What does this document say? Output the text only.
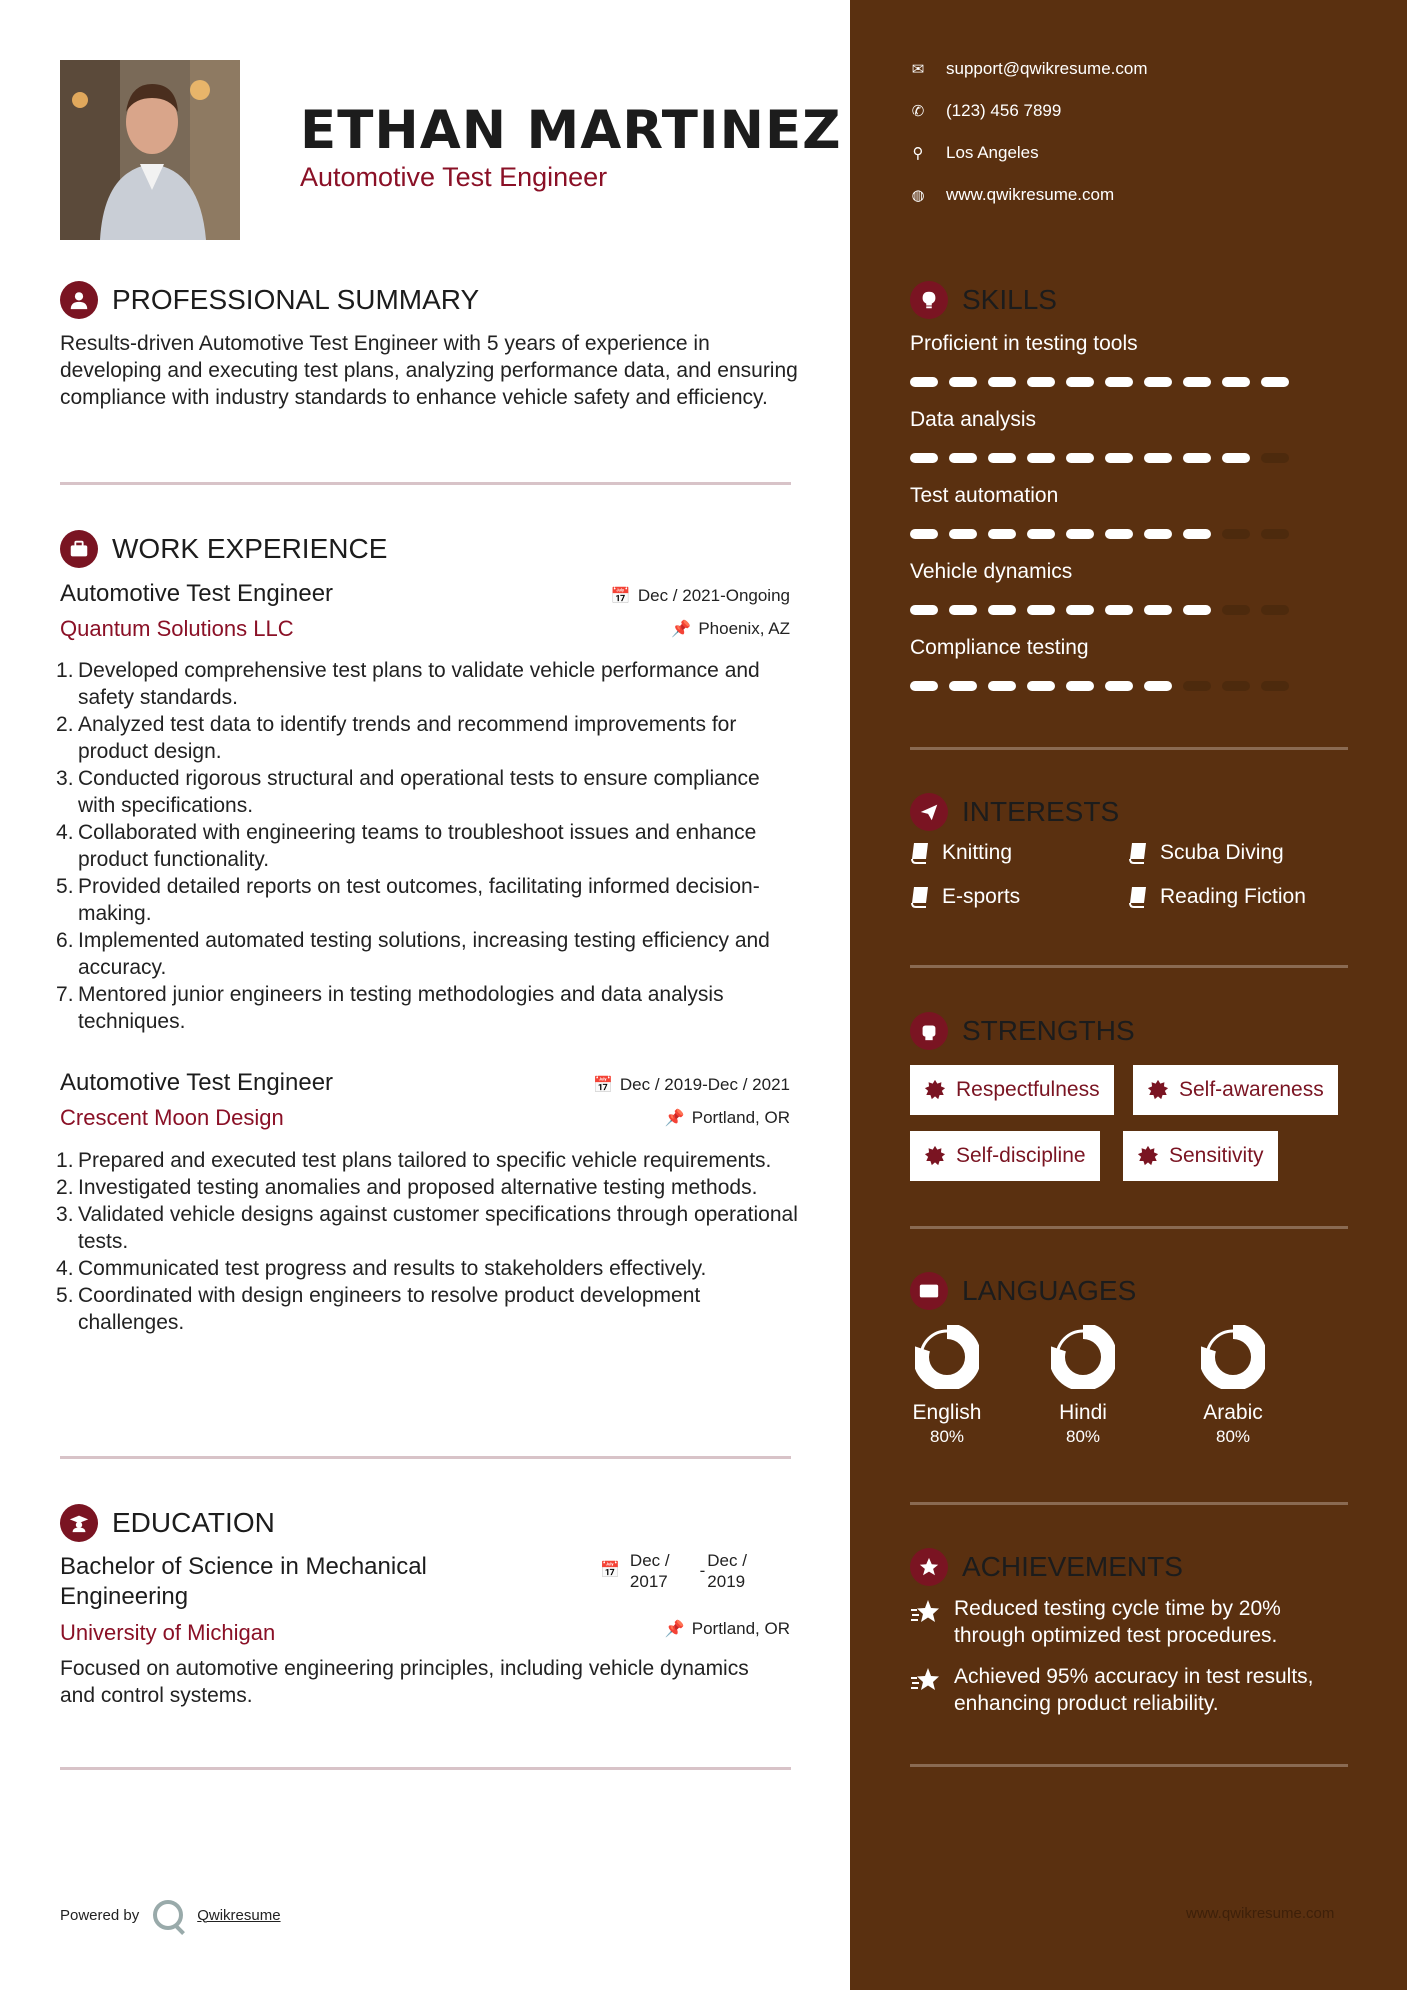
ETHAN MARTINEZ
Automotive Test Engineer
PROFESSIONAL SUMMARY
Results-driven Automotive Test Engineer with 5 years of experience in developing and executing test plans, analyzing performance data, and ensuring compliance with industry standards to enhance vehicle safety and efficiency.
WORK EXPERIENCE
Automotive Test Engineer	📅 Dec / 2021-Ongoing
Quantum Solutions LLC	📌 Phoenix, AZ
Developed comprehensive test plans to validate vehicle performance and safety standards.
Analyzed test data to identify trends and recommend improvements for product design.
Conducted rigorous structural and operational tests to ensure compliance with specifications.
Collaborated with engineering teams to troubleshoot issues and enhance product functionality.
Provided detailed reports on test outcomes, facilitating informed decision-making.
Implemented automated testing solutions, increasing testing efficiency and accuracy.
Mentored junior engineers in testing methodologies and data analysis techniques.
Automotive Test Engineer	📅 Dec / 2019-Dec / 2021
Crescent Moon Design	📌 Portland, OR
Prepared and executed test plans tailored to specific vehicle requirements.
Investigated testing anomalies and proposed alternative testing methods.
Validated vehicle designs against customer specifications through operational tests.
Communicated test progress and results to stakeholders effectively.
Coordinated with design engineers to resolve product development challenges.
EDUCATION
Bachelor of Science in Mechanical Engineering
📅
Dec /
2017
-
Dec /
2019
University of Michigan	📌 Portland, OR
Focused on automotive engineering principles, including vehicle dynamics and control systems.
Powered by	Qwikresume
✉ support@qwikresume.com
✆ (123) 456 7899
⚲ Los Angeles
◍ www.qwikresume.com
SKILLS
Proficient in testing tools
Data analysis
Test automation
Vehicle dynamics
Compliance testing
INTERESTS
Knitting	Scuba Diving
E-sports	Reading Fiction
STRENGTHS
Respectfulness	Self-awareness
Self-discipline	Sensitivity
LANGUAGES
English
80%
Hindi
80%
Arabic
80%
ACHIEVEMENTS
Reduced testing cycle time by 20% through optimized test procedures.
Achieved 95% accuracy in test results, enhancing product reliability.
www.qwikresume.com
